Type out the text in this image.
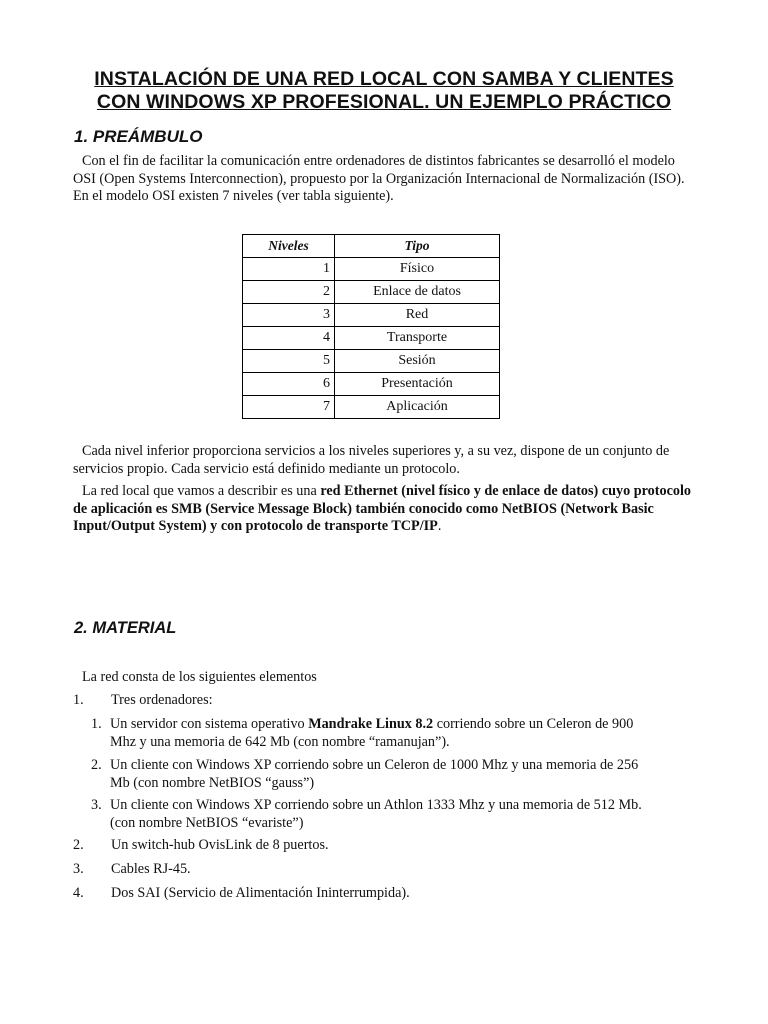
INSTALACIÓN DE UNA RED LOCAL CON SAMBA Y CLIENTES
CON WINDOWS XP PROFESIONAL. UN EJEMPLO PRÁCTICO
1. PREÁMBULO
Con el fin de facilitar la comunicación entre ordenadores de distintos fabricantes se desarrolló el modelo OSI (Open Systems Interconnection), propuesto por la Organización Internacional de Normalización (ISO). En el modelo OSI existen 7 niveles (ver tabla siguiente).
Niveles	Tipo
1	Físico
2	Enlace de datos
3	Red
4	Transporte
5	Sesión
6	Presentación
7	Aplicación
Cada nivel inferior proporciona servicios a los niveles superiores y, a su vez, dispone de un conjunto de servicios propio. Cada servicio está definido mediante un protocolo.
La red local que vamos a describir es una red Ethernet (nivel físico y de enlace de datos) cuyo protocolo de aplicación es SMB (Service Message Block) también conocido como NetBIOS (Network Basic Input/Output System) y con protocolo de transporte TCP/IP.
2. MATERIAL
La red consta de los siguientes elementos
1. Tres ordenadores:
1. Un servidor con sistema operativo Mandrake Linux 8.2 corriendo sobre un Celeron de 900
Mhz y una memoria de 642 Mb (con nombre “ramanujan”).
2. Un cliente con Windows XP corriendo sobre un Celeron de 1000 Mhz y una memoria de 256
Mb (con nombre NetBIOS “gauss”)
3. Un cliente con Windows XP corriendo sobre un Athlon 1333 Mhz y una memoria de 512 Mb.
(con nombre NetBIOS “evariste”)
2. Un switch-hub OvisLink de 8 puertos.
3. Cables RJ-45.
4. Dos SAI (Servicio de Alimentación Ininterrumpida).
